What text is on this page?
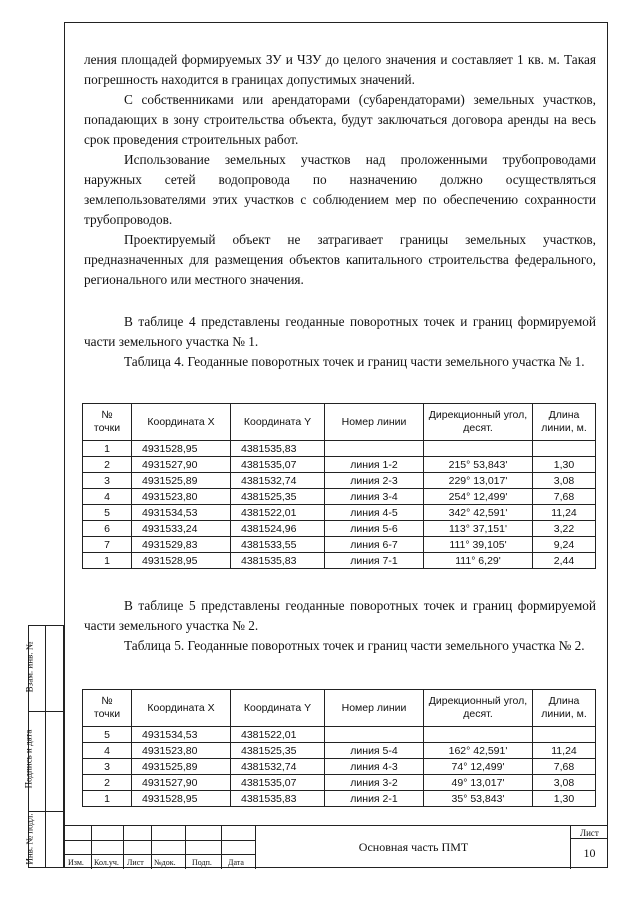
ления площадей формируемых ЗУ и ЧЗУ до целого значения и составляет 1 кв. м. Такая погрешность находится в границах допустимых значений.

С собственниками или арендаторами (субарендаторами) земельных участков, попадающих в зону строительства объекта, будут заключаться договора аренды на весь срок проведения строительных работ.

Использование земельных участков над проложенными трубопроводами наружных сетей водопровода по назначению должно осуществляться землепользователями этих участков с соблюдением мер по обеспечению сохранности трубопроводов.

Проектируемый объект не затрагивает границы земельных участков, предназначенных для размещения объектов капитального строительства федерального, регионального или местного значения.

В таблице 4 представлены геоданные поворотных точек и границ формируемой части земельного участка № 1.

Таблица 4. Геоданные поворотных точек и границ части земельного участка № 1.

№ точки	Координата X	Координата Y	Номер линии	Дирекционный угол, десят.	Длина линии, м.
1	4931528,95	4381535,83			
2	4931527,90	4381535,07	линия 1-2	215° 53,843'	1,30
3	4931525,89	4381532,74	линия 2-3	229° 13,017'	3,08
4	4931523,80	4381525,35	линия 3-4	254° 12,499'	7,68
5	4931534,53	4381522,01	линия 4-5	342° 42,591'	11,24
6	4931533,24	4381524,96	линия 5-6	113° 37,151'	3,22
7	4931529,83	4381533,55	линия 6-7	111° 39,105'	9,24
1	4931528,95	4381535,83	линия 7-1	111° 6,29'	2,44

В таблице 5 представлены геоданные поворотных точек и границ формируемой части земельного участка № 2.

Таблица 5. Геоданные поворотных точек и границ части земельного участка № 2.

№ точки	Координата X	Координата Y	Номер линии	Дирекционный угол, десят.	Длина линии, м.
5	4931534,53	4381522,01			
4	4931523,80	4381525,35	линия 5-4	162° 42,591'	11,24
3	4931525,89	4381532,74	линия 4-3	74° 12,499'	7,68
2	4931527,90	4381535,07	линия 3-2	49° 13,017'	3,08
1	4931528,95	4381535,83	линия 2-1	35° 53,843'	1,30
Взам. инв. №
Подпись и дата
Инв. № подл.	Изм. Кол.уч. Лист №док. Подп. Дата
Основная часть ПМТ
Лист
10
